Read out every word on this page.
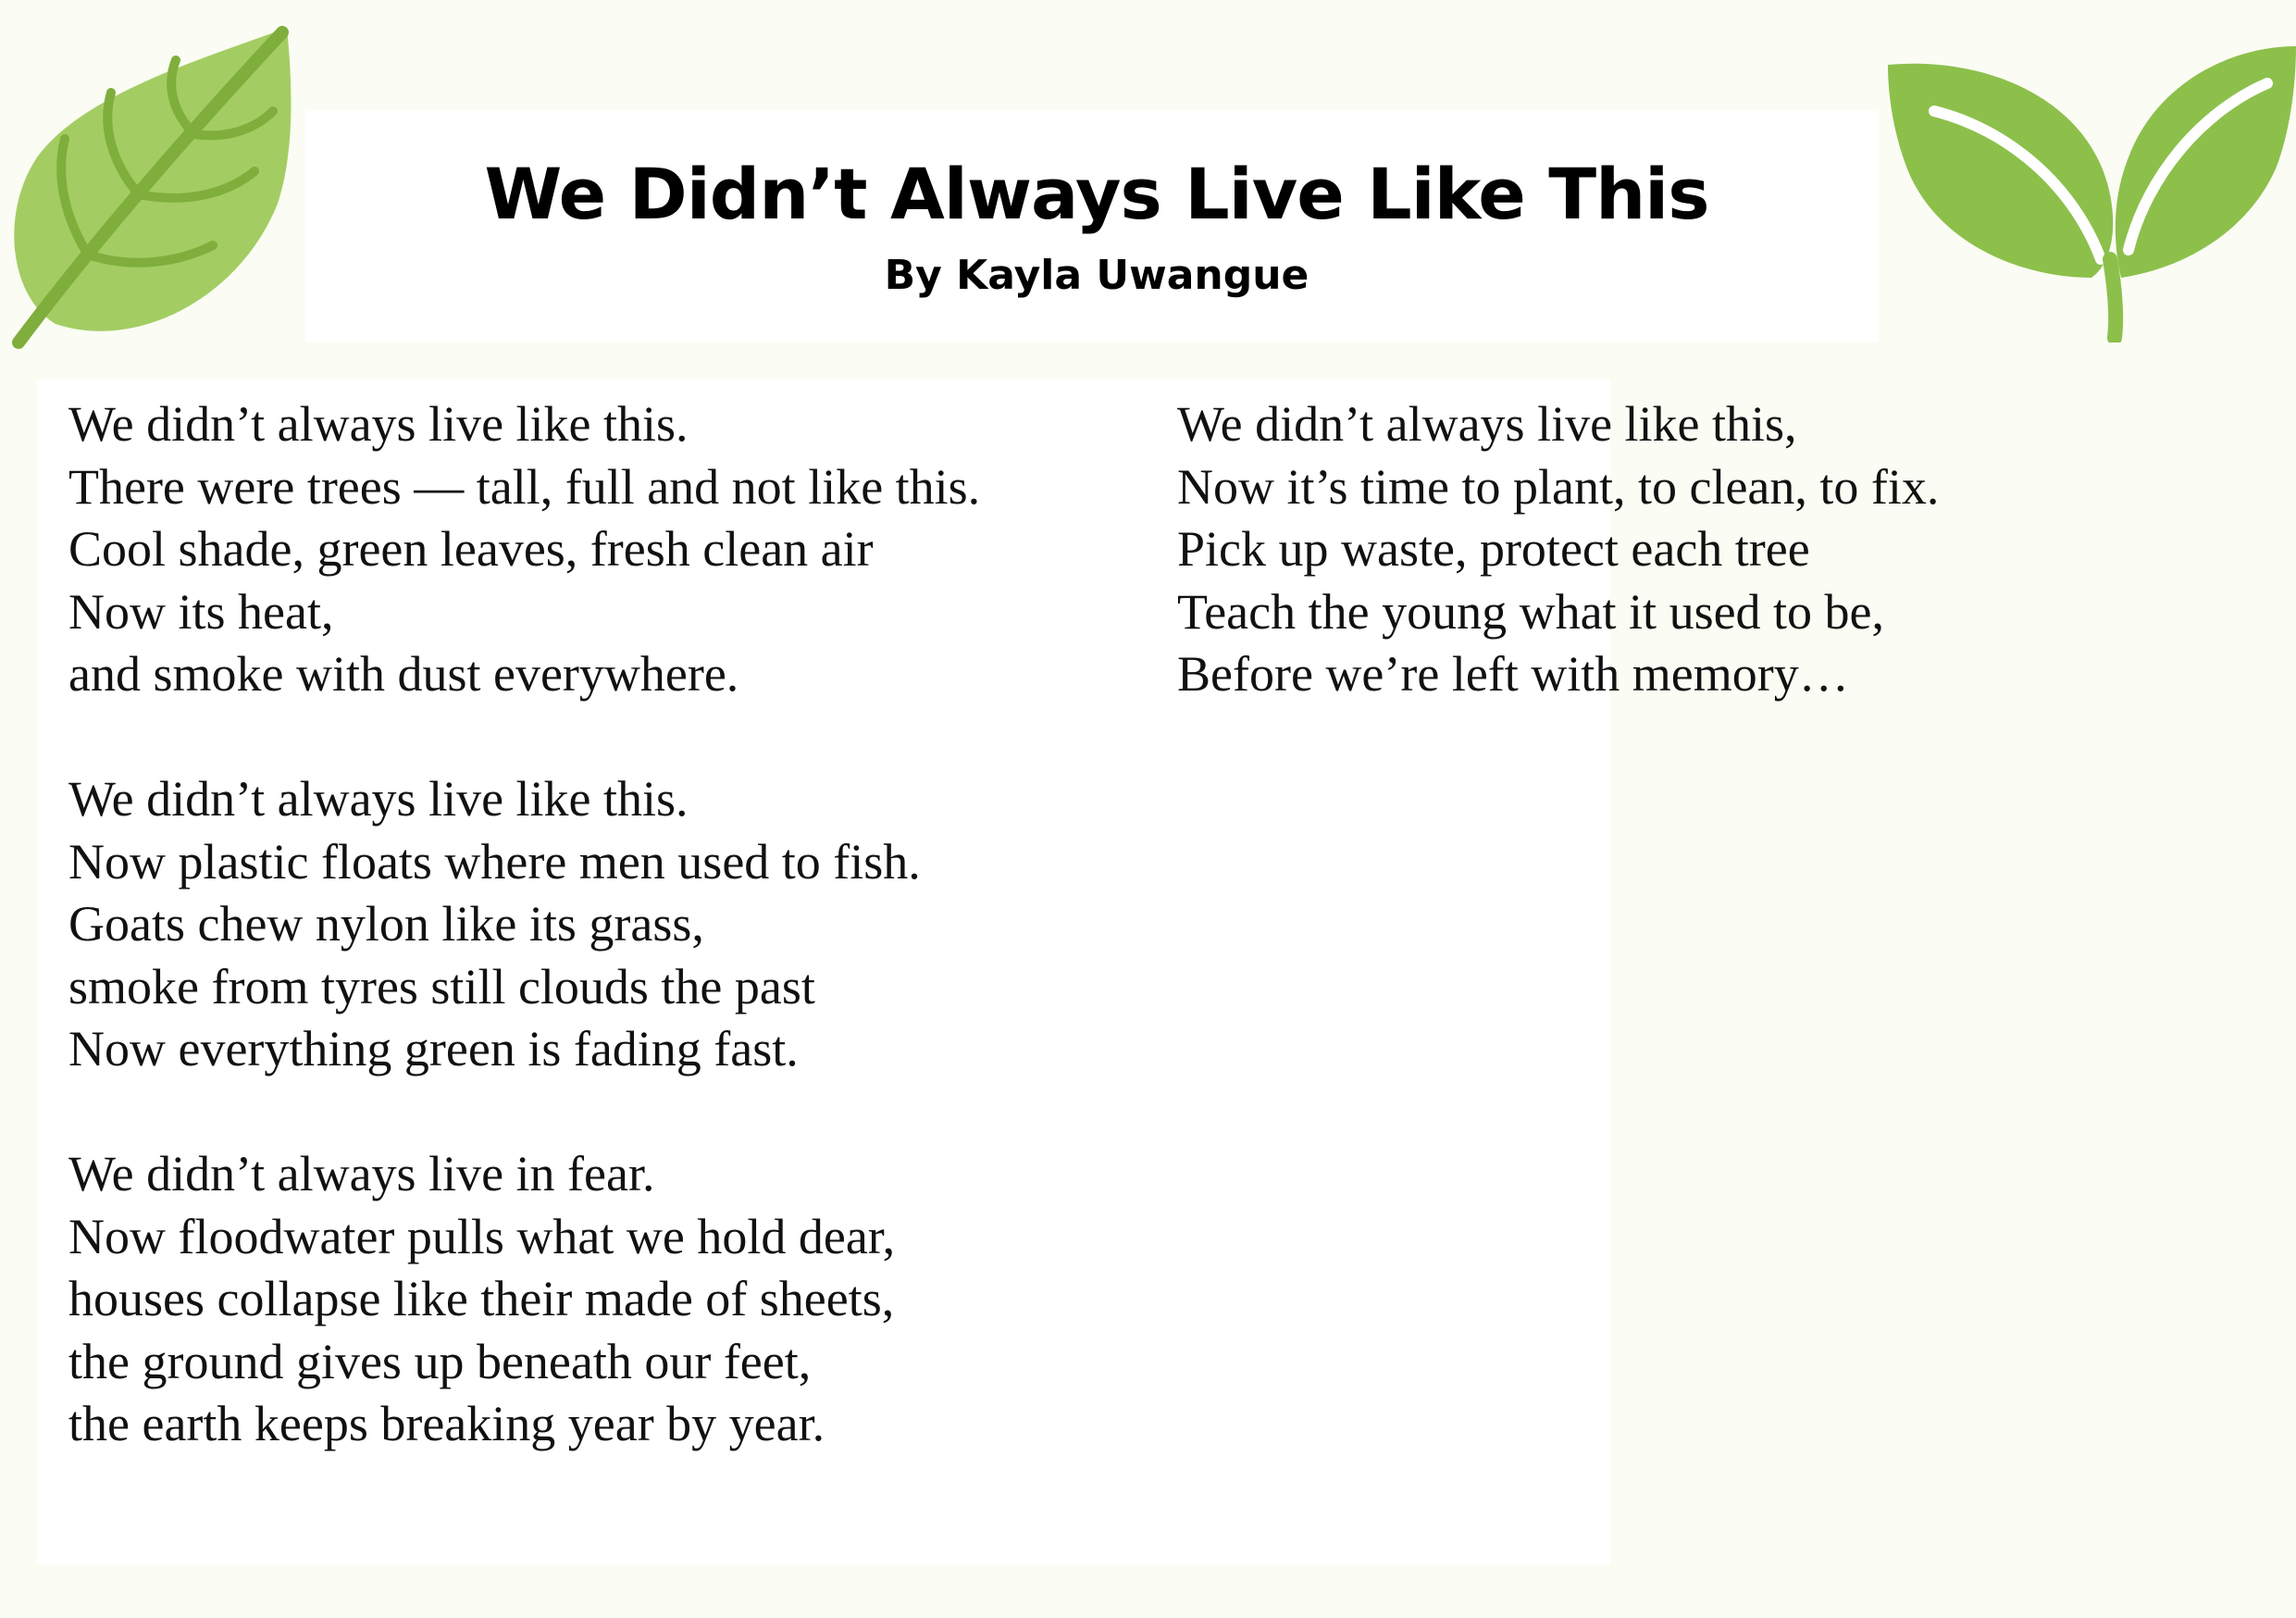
We Didn’t Always Live Like This

By Kayla Uwangue

We didn’t always live like this.
There were trees — tall, full and not like this.
Cool shade, green leaves, fresh clean air
Now its heat,
and smoke with dust everywhere.
We didn’t always live like this.
Now plastic floats where men used to fish.
Goats chew nylon like its grass,
smoke from tyres still clouds the past
Now everything green is fading fast.
We didn’t always live in fear.
Now floodwater pulls what we hold dear,
houses collapse like their made of sheets,
the ground gives up beneath our feet,
the earth keeps breaking year by year.
We didn’t always live like this,
Now it’s time to plant, to clean, to fix.
Pick up waste, protect each tree
Teach the young what it used to be,
Before we’re left with memory…
